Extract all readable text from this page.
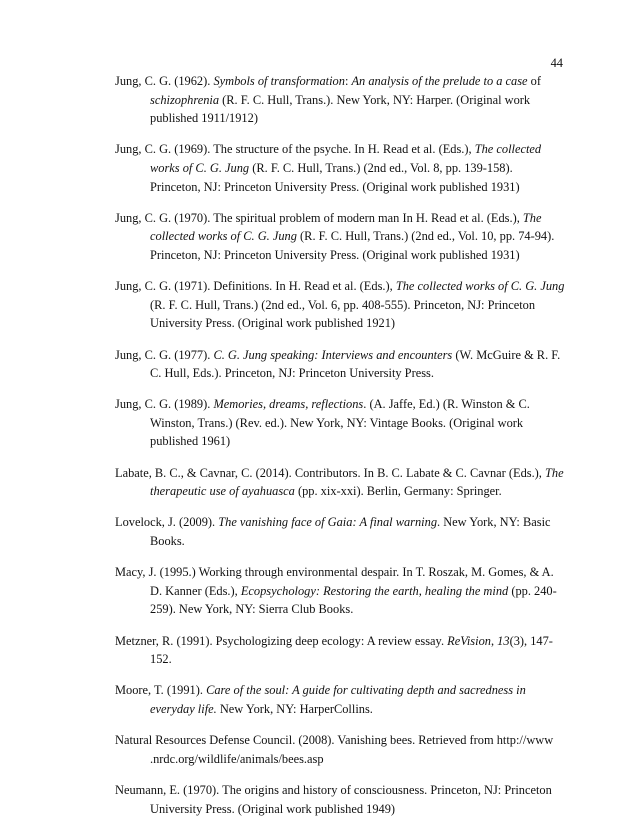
44

Jung, C. G. (1962). Symbols of transformation: An analysis of the prelude to a case of schizophrenia (R. F. C. Hull, Trans.). New York, NY: Harper. (Original work published 1911/1912)

Jung, C. G. (1969). The structure of the psyche. In H. Read et al. (Eds.), The collected works of C. G. Jung (R. F. C. Hull, Trans.) (2nd ed., Vol. 8, pp. 139-158). Princeton, NJ: Princeton University Press. (Original work published 1931)

Jung, C. G. (1970). The spiritual problem of modern man In H. Read et al. (Eds.), The collected works of C. G. Jung (R. F. C. Hull, Trans.) (2nd ed., Vol. 10, pp. 74-94). Princeton, NJ: Princeton University Press. (Original work published 1931)

Jung, C. G. (1971). Definitions. In H. Read et al. (Eds.), The collected works of C. G. Jung (R. F. C. Hull, Trans.) (2nd ed., Vol. 6, pp. 408-555). Princeton, NJ: Princeton University Press. (Original work published 1921)

Jung, C. G. (1977). C. G. Jung speaking: Interviews and encounters (W. McGuire & R. F. C. Hull, Eds.). Princeton, NJ: Princeton University Press.

Jung, C. G. (1989). Memories, dreams, reflections. (A. Jaffe, Ed.) (R. Winston & C. Winston, Trans.) (Rev. ed.). New York, NY: Vintage Books. (Original work published 1961)

Labate, B. C., & Cavnar, C. (2014). Contributors. In B. C. Labate & C. Cavnar (Eds.), The therapeutic use of ayahuasca (pp. xix-xxi). Berlin, Germany: Springer.

Lovelock, J. (2009). The vanishing face of Gaia: A final warning. New York, NY: Basic Books.

Macy, J. (1995.) Working through environmental despair. In T. Roszak, M. Gomes, & A. D. Kanner (Eds.), Ecopsychology: Restoring the earth, healing the mind (pp. 240-259). New York, NY: Sierra Club Books.

Metzner, R. (1991). Psychologizing deep ecology: A review essay. ReVision, 13(3), 147-152.

Moore, T. (1991). Care of the soul: A guide for cultivating depth and sacredness in everyday life. New York, NY: HarperCollins.

Natural Resources Defense Council. (2008). Vanishing bees. Retrieved from http://www .nrdc.org/wildlife/animals/bees.asp

Neumann, E. (1970). The origins and history of consciousness. Princeton, NJ: Princeton University Press. (Original work published 1949)
